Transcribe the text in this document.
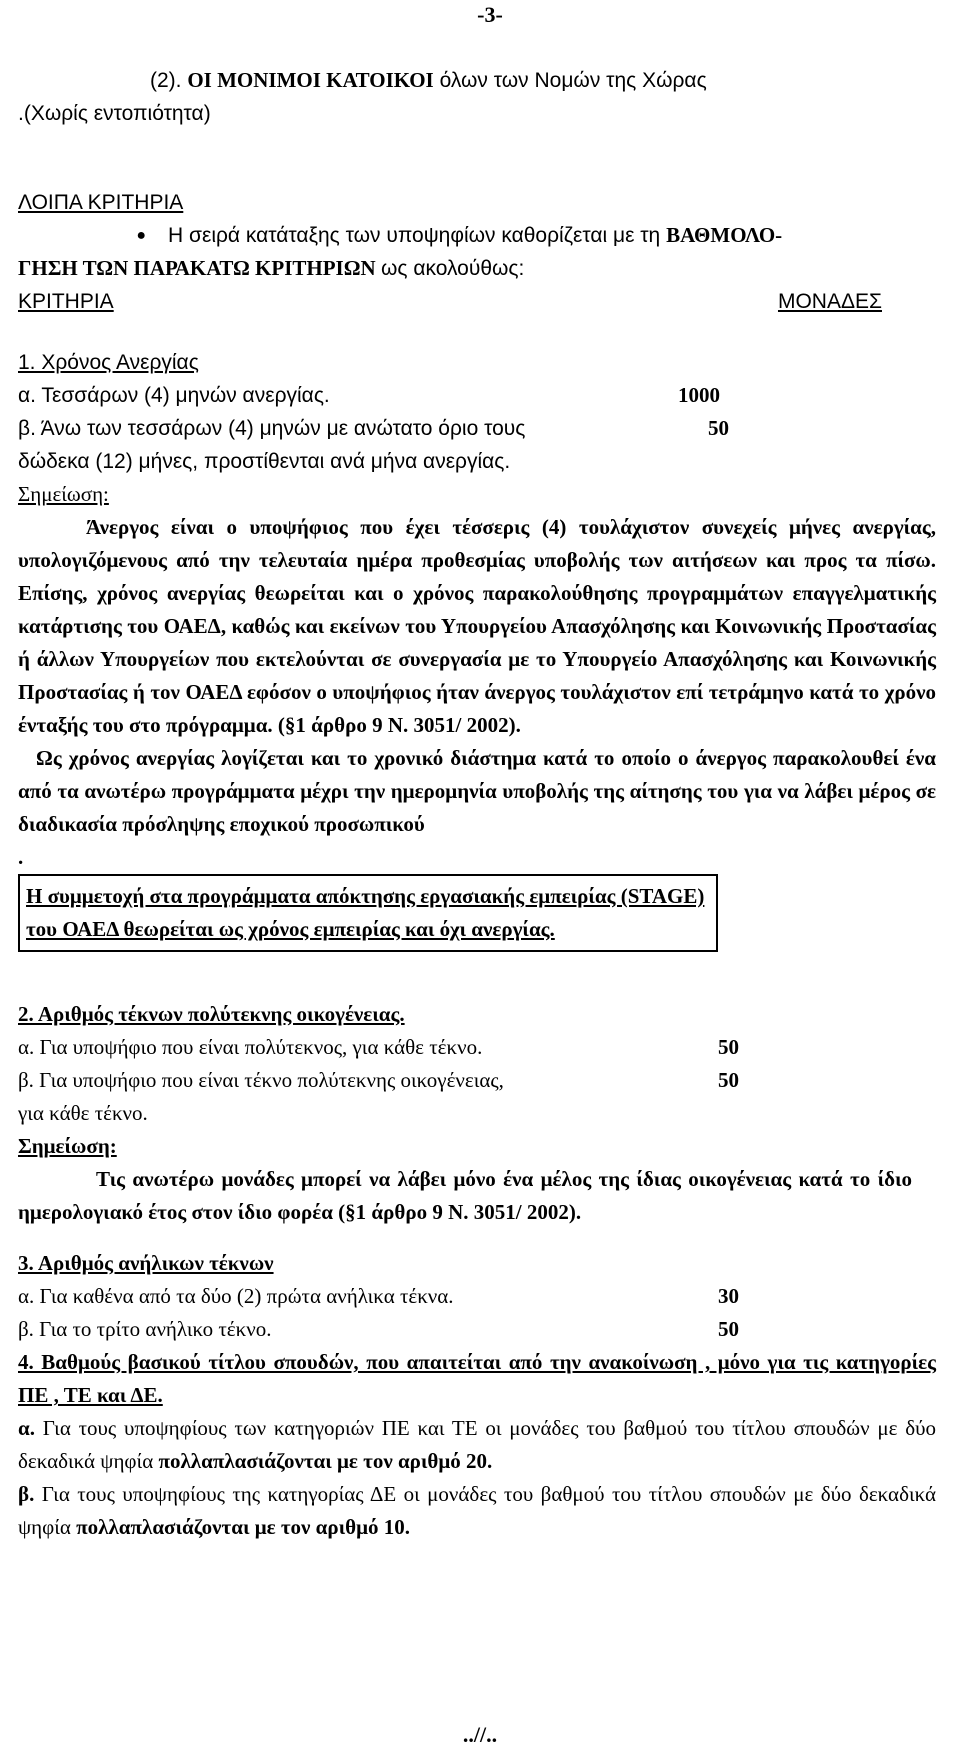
-3-

(2). ΟΙ ΜΟΝΙΜΟΙ ΚΑΤΟΙΚΟΙ όλων των Νομών της Χώρας

.(Χωρίς εντοπιότητα)

ΛΟΙΠΑ ΚΡΙΤΗΡΙΑ

●	Η σειρά κατάταξης των υποψηφίων καθορίζεται με τη ΒΑΘΜΟΛΟ-

ΓΗΣΗ ΤΩΝ ΠΑΡΑΚΑΤΩ ΚΡΙΤΗΡΙΩΝ ως ακολούθως:

ΚΡΙΤΗΡΙΑ	ΜΟΝΑΔΕΣ

1. Χρόνος Ανεργίας

α. Τεσσάρων (4) μηνών ανεργίας.	1000
β. Άνω των τεσσάρων (4) μηνών με ανώτατο όριο τους	50

δώδεκα (12) μήνες, προστίθενται ανά μήνα ανεργίας.

Σημείωση:

Άνεργος είναι ο υποψήφιος που έχει τέσσερις (4) τουλάχιστον συνεχείς μήνες ανεργίας, υπολογιζόμενους από την τελευταία ημέρα προθεσμίας υποβολής των αιτήσεων και προς τα πίσω. Επίσης, χρόνος ανεργίας θεωρείται και ο χρόνος παρακολούθησης προγραμμάτων επαγγελματικής κατάρτισης του ΟΑΕΔ, καθώς και εκείνων του Υπουργείου Απασχόλησης και Κοινωνικής Προστασίας ή άλλων Υπουργείων που εκτελούνται σε συνεργασία με το Υπουργείο Απασχόλησης και Κοινωνικής Προστασίας ή τον ΟΑΕΔ εφόσον ο υποψήφιος ήταν άνεργος τουλάχιστον επί τετράμηνο κατά το χρόνο ένταξής του στο πρόγραμμα. (§1 άρθρο 9 Ν. 3051/ 2002).

Ως χρόνος ανεργίας λογίζεται και το χρονικό διάστημα κατά το οποίο ο άνεργος παρακολουθεί ένα από τα ανωτέρω προγράμματα μέχρι την ημερομηνία υποβολής της αίτησης του για να λάβει μέρος σε διαδικασία πρόσληψης εποχικού προσωπικού

.

Η συμμετοχή στα προγράμματα απόκτησης εργασιακής εμπειρίας (STAGE)
του ΟΑΕΔ θεωρείται ως χρόνος εμπειρίας και όχι ανεργίας.

2. Αριθμός τέκνων πολύτεκνης οικογένειας.

α. Για υποψήφιο που είναι πολύτεκνος, για κάθε τέκνο.	50
β. Για υποψήφιο που είναι τέκνο πολύτεκνης οικογένειας,	50

για κάθε τέκνο.

Σημείωση:

Τις ανωτέρω μονάδες μπορεί να λάβει μόνο ένα μέλος της ίδιας οικογένειας κατά το ίδιο ημερολογιακό έτος στον ίδιο φορέα (§1 άρθρο 9 Ν. 3051/ 2002).

3. Αριθμός ανήλικων τέκνων

α. Για καθένα από τα δύο (2) πρώτα ανήλικα τέκνα.	30
β. Για το τρίτο ανήλικο τέκνο.	50

4. Βαθμούς βασικού τίτλου σπουδών, που απαιτείται από την ανακοίνωση , μόνο για τις κατηγορίες ΠΕ , ΤΕ και ΔΕ.

α. Για τους υποψηφίους των κατηγοριών ΠΕ και ΤΕ οι μονάδες του βαθμού του τίτλου σπουδών με δύο δεκαδικά ψηφία πολλαπλασιάζονται με τον αριθμό 20.

β. Για τους υποψηφίους της κατηγορίας ΔΕ οι μονάδες του βαθμού του τίτλου σπουδών με δύο δεκαδικά ψηφία πολλαπλασιάζονται με τον αριθμό 10.

..//..
